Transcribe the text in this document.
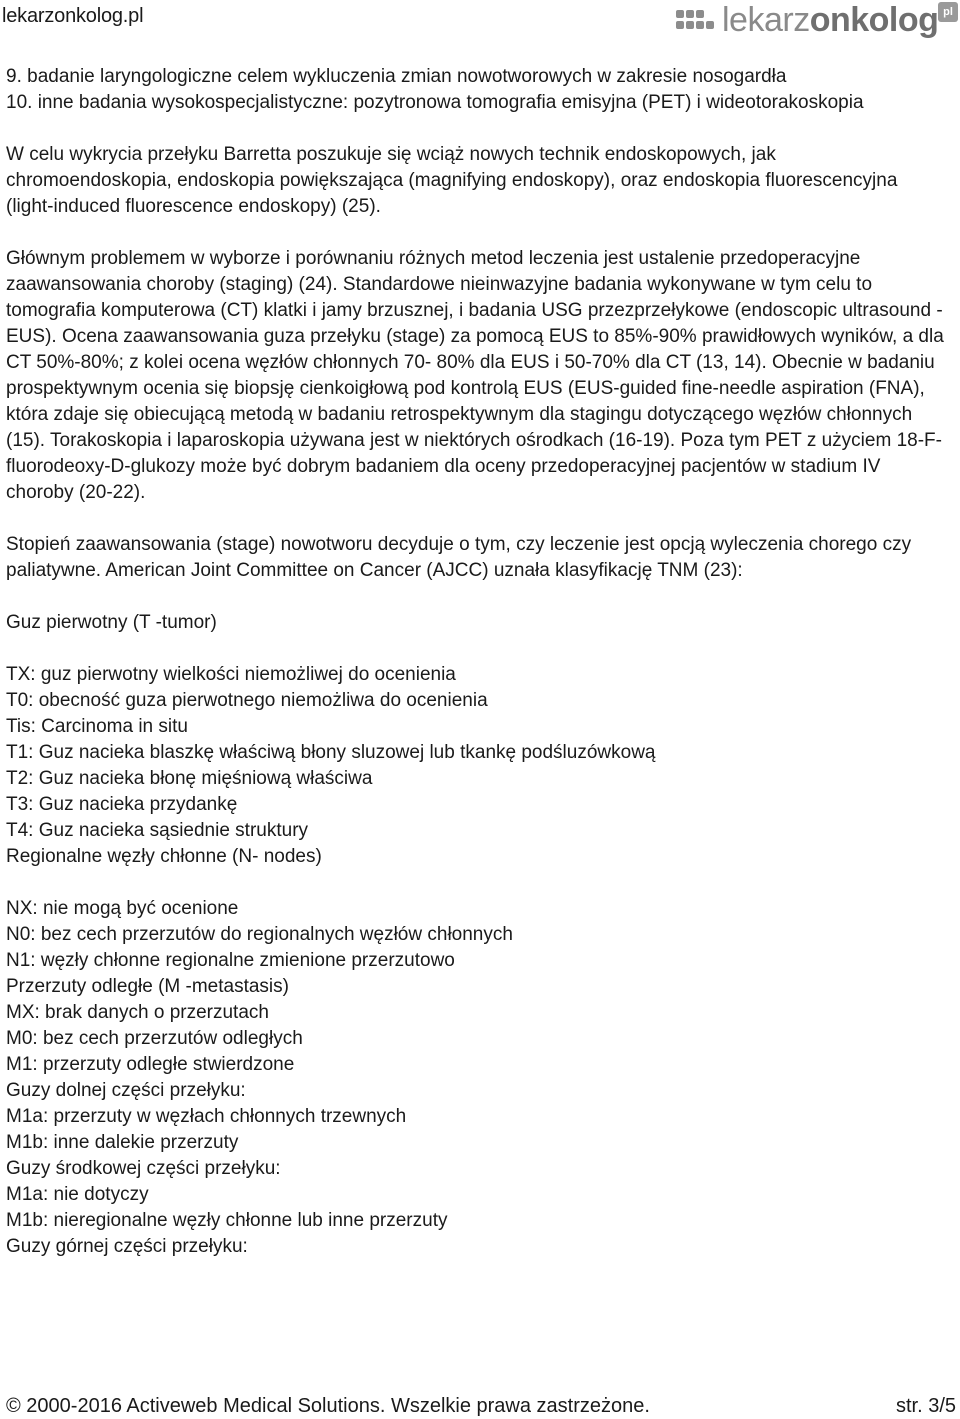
lekarzonkolog.pl	lekarzonkolog pl
9. badanie laryngologiczne celem wykluczenia zmian nowotworowych w zakresie nosogardła
10. inne badania wysokospecjalistyczne: pozytronowa tomografia emisyjna (PET) i wideotorakoskopia

W celu wykrycia przełyku Barretta poszukuje się wciąż nowych technik endoskopowych, jak chromoendoskopia, endoskopia powiększająca (magnifying endoskopy), oraz endoskopia fluorescencyjna (light-induced fluorescence endoskopy) (25).

Głównym problemem w wyborze i porównaniu różnych metod leczenia jest ustalenie przedoperacyjne zaawansowania choroby (staging) (24). Standardowe nieinwazyjne badania wykonywane w tym celu to tomografia komputerowa (CT) klatki i jamy brzusznej, i badania USG przezprzełykowe (endoscopic ultrasound -EUS). Ocena zaawansowania guza przełyku (stage) za pomocą EUS to 85%-90% prawidłowych wyników, a dla CT 50%-80%; z kolei ocena węzłów chłonnych 70- 80% dla EUS i 50-70% dla CT (13, 14). Obecnie w badaniu prospektywnym ocenia się biopsję cienkoigłową pod kontrolą EUS (EUS-guided fine-needle aspiration (FNA), która zdaje się obiecującą metodą w badaniu retrospektywnym dla stagingu dotyczącego węzłów chłonnych (15). Torakoskopia i laparoskopia używana jest w niektórych ośrodkach (16-19). Poza tym PET z użyciem 18-F-fluorodeoxy-D-glukozy może być dobrym badaniem dla oceny przedoperacyjnej pacjentów w stadium IV choroby (20-22).

Stopień zaawansowania (stage) nowotworu decyduje o tym, czy leczenie jest opcją wyleczenia chorego czy paliatywne. American Joint Committee on Cancer (AJCC) uznała klasyfikację TNM (23):

Guz pierwotny (T -tumor)
TX: guz pierwotny wielkości niemożliwej do ocenienia
T0: obecność guza pierwotnego niemożliwa do ocenienia
Tis: Carcinoma in situ
T1: Guz nacieka blaszkę właściwą błony sluzowej lub tkankę podśluzówkową
T2: Guz nacieka błonę mięśniową właściwa
T3: Guz nacieka przydankę
T4: Guz nacieka sąsiednie struktury
Regionalne węzły chłonne (N- nodes)
NX: nie mogą być ocenione
N0: bez cech przerzutów do regionalnych węzłów chłonnych
N1: węzły chłonne regionalne zmienione przerzutowo
Przerzuty odległe (M -metastasis)
MX: brak danych o przerzutach
M0: bez cech przerzutów odległych
M1: przerzuty odległe stwierdzone
Guzy dolnej części przełyku:
M1a: przerzuty w węzłach chłonnych trzewnych
M1b: inne dalekie przerzuty
Guzy środkowej części przełyku:
M1a: nie dotyczy
M1b: nieregionalne węzły chłonne lub inne przerzuty
Guzy górnej części przełyku:
© 2000-2016 Activeweb Medical Solutions. Wszelkie prawa zastrzeżone.	str. 3/5
